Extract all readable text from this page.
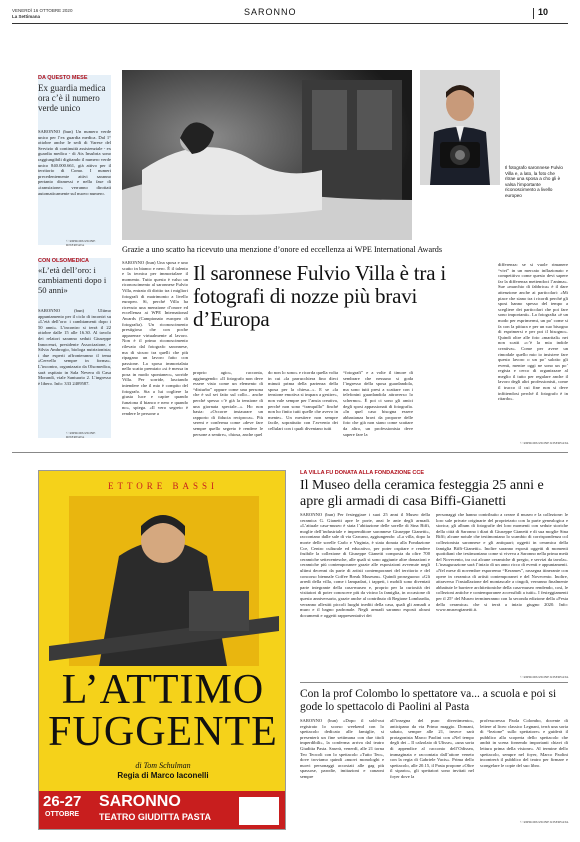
VENERDÌ 16 OTTOBRE 2020
La Settimana	SARONNO	10
DA QUESTO MESE
Ex guardia medica ora c’è il numero verde unico
SARONNO (bun) Un numero verde unico per l’ex guardia medica. Dal 1° ottobre anche le sedi di Varese del Servizio di continuità assistenziale - ex guardia medica - di Ats Insubria sono raggiungibili digitando il numero verde unico 840.000.661, già attivo per il territorio di Como. I numeri precedentemente attivi saranno pertanto dismessi e nella fase di «transizione» verranno dirottati automaticamente sul nuovo numero.
© RIPRODUZIONE RISERVATA
CON OLSOMEDICA
«L’età dell’oro: i cambiamenti dopo i 50 anni»
SARONNO (bun) Ultimo appuntamento per il ciclo di incontri su «L’età dell’oro: i cambiamenti dopo i 50 anni». L’incontro si terrà il 22 ottobre dalle 15 alle 16.30. Al tavolo dei relatori saranno seduti Giuseppe Innocenzi, presidente Associazione, e Silvia Ambrogio, biologa nutrizionista; i due esperti affronteranno il tema «Cervello sempre in forma». L’incontro, organizzato da Olsomedica, sarà ospitato in Sala Nevera di Casa Morandi, viale Santuario 2. L’ingresso è libero. Info: 333 2409587.
© RIPRODUZIONE RISERVATA
Il fotografo saronnese Fulvio Villa e, a lato, la foto che ritrae una sposa a cho gli è valsa l’importante riconoscimento a livello europeo
Grazie a uno scatto ha ricevuto una menzione d’onore ed eccellenza ai WPE International Awards
SARONNO (bun) Una sposa e uno scatto in bianco e nero. È il talento e la tecnica per immortalare il momento. Tutto questo è valso un riconoscimento al saronnese Fulvio Villa, entrato di diritto tra i migliori fotografi di matrimonio a livello europeo. Sì, perché Villa ha ricevuto una menzione d’onore ed eccellenza ai WPE International Awards (Campionato europeo di fotografia). Un riconoscimento prestigioso che con poche apparenze virtualmente al lavoro. Non è il primo riconoscimento rilevato dal fotografo saronnese, ma di sicuro tra quelli che più ripagano un lavoro fatto con passione. La sposa immortalata nello scatto premiato «si è messa in posa in modo spontaneo», sorride Villa. Per sorride, lasciando intendere che il mio è compito del fotografo. Sta a lui cogliere la giusta luce e capire quando funziona il bianco e nero e quando no», spiega. «Il vero segreto è rendere le persone a
Il saronnese Fulvio Villa è tra i fotografi di nozze più bravi d’Europa
proprio agio», racconta, aggiungendo: «Il fotografo non deve essere visto come un elemento di “disturbo” oppure come una persona che è sul set fatto sul collo... anche perché spesso c’è già la tensione di una giornata speciale...». Ho non basta: «Occorre instaurare un rapporto di fiducia reciproca». Più sereni e conferma come «deve fare sempre quello segreto è rendere le persone a sentire», chiosa, anche quel
do non lo sono» e ricorda quella volta in cui «la parrucchiera fino dieci minuti prima della partenza della sposa per la chiesa...». E se «la tensione emotiva si impara a gestire», non vale sempre per l’ansia creativa, perché non sono “tranquillo” finché non ho finito tutti quelle che avevo in mente». Un mestiere non sempre facile, soprattutto con l’avvento dei cellulari con i quali diventano tutti
“fotografi” e a volte il timore di sembrare che nessuno si goda l’ingresso della sposa guardandola, ma sono tutti presi a scattare con i telefonini guardandola attraverso lo schermo». È poi ci sono gli amici degli sposi appassionati di fotografia. «In quel caso bisogna essere abbastanza bravi da proporre delle foto che già non siano come scattare da altro, un professionista deve sapere fare la
differenza: se si vuole rimanere “vivi” in un mercato inflazionato e competitivo come questo devi sapere far la differenza mettendoci l’anima». Sue «marchio di fabbrica» è il dare attenzione anche ai particolari: «Mi piace che siano tra i ricordi perché gli sposi hanno spesso del tempo a scegliere dei particolari che poi fare sono importanti». La fotografia «è un modo per esprimermi, un po’ come si fa con la pittura e per un suo bisogno di esprimersi e per poi il bisogno». Quindi oltre alle foto «maritali» nei non scatti «c’è la mia indole creativa». Come per avere un rimodale quello mio io insistere fare questo lavoro o un po’ salotto gli eventi, mentre oggi ne sono un po’ regista e cerco di organizzare al meglio il tutto per regalare anche il lavoro degli altri professionisti, come il trucco il cui fine non si deve infittendosi perché il fotografo è in ritardo».
© RIPRODUZIONE RISERVATA
ETTORE BASSI
L’ATTIMO
FUGGENTE
di Tom Schulman
Regia di Marco Iaconelli
26-27
OTTOBRE
SARONNO
TEATRO GIUDITTA PASTA
LA VILLA FU DONATA ALLA FONDAZIONE CCE
Il Museo della ceramica festeggia 25 anni e apre gli armadi di casa Biffi-Gianetti
SARONNO (bun) Per festeggiare i suoi 25 anni il Museo della ceramica G. Gianetti apre le porte, anzi le ante degli armadi. «L’attuale casa-museo è stata l’abitazione delle sorelle di Sina Biffi, moglie dell’industriale e imprenditore saronnese Giuseppe Gianetti», raccontano dalle sale di via Carcano, aggiungendo: «La villa, dopo la morte delle sorelle Carlo e Virginia, è stata donata alla Fondazione Cce, Centro culturale ed educativo, per poter ospitare e rendere fruibile la collezione di Giuseppe Gianetti composta da oltre 700 ceramiche settecentesche, alle quali si sono aggiunte altre donazioni e ceramiche più contemporanee grazie alle esposizioni avvenute negli ultimi decenni da parte di artisti contemporanei del territorio e del concorso biennale Coffee Break Museum». Quindi proseguono: «Gli arredi della villa, come i lampadari, i tappeti, i mobili sono diventati parte integrante della casa-museo e, proprio per la curiosità dei visitatori di poter conoscere più da vicino la famiglia, in occasione di questo anniversario, grazie anche al contributo di Regione Lombardia, verranno allestiti piccoli luoghi inediti della casa, quali gli armadi a muro e il bagno padronale. Negli armadi saranno esposti alcuni documenti e oggetti rappresentativi dei
personaggi che hanno contribuito a creare il museo e la collezione: le loro sale private originarie del proprietario con la parte genealogica e storica; gli album di fotografie dei loro momenti con sedute storiche della città di Saronno i diari di Giuseppe Gianetti e di sua moglie Sina Biffi; alcune notule che testimoniano lo scambio di corrispondenza col collezionista saronnese e gli antiquari; oggetti in ceramica della famiglia Biffi-Gianetti». Inoltre saranno esposti oggetti di momenti quotidiani che testimoniano come si viveva a Saronno nella prima metà del Novecento, tra cui alcune ceramiche di pregio, e servizi da tavola». L’inaugurazione sarà l’inizio di un anno ricco di eventi e appuntamenti. «Nel mese di novembre esporremo “Kerames”, rassegna itinerante con opere in ceramica di artisti contemporanei e del Novecento. Inoltre, attraverso l’installazione del montascale a cingoli, verranno finalmente abbattute le barriere architettoniche della casa-museo rendendo, così, le collezioni antiche e contemporanee accessibili a tutti». I festeggiamenti per il 25° del Museo termineranno con la seconda edizione della «Festa della ceramica» che si terrà a inizio giugno 2020. Info: www.museogianetti.it.
© RIPRODUZIONE RISERVATA
Con la prof Colombo lo spettatore va... a scuola e poi si gode lo spettacolo di Paolini al Pasta
SARONNO (bun) «Dopo il sold-out registrato lo scorso weekend con lo spettacolo dedicato alle famiglie, si presenterà un fine settimana con due titoli imperdibili», la conferma arriva dal teatro Giuditta Pasta. Saserà, venerdì, alle 21 torna Teo Teocoli con lo spettacolo «Tutto Teo», dove troviamo quindi «nuovi monologhi e nuovi personaggi accostati alle gag più spassose, parodie, imitazioni e canzoni sempre
all’insegna del puro divertimento», anticipano da via Primo maggio. Domani, sabato, sempre alle 21, invece sarà protagonista Marco Paolini con «Nel tempo degli dei – Il calzolaio di Ulisse», «una sorta di appendice al racconto dell’Odissea, immaginata e raccontata dall’attore veneto con la regia di Gabriele Vacis». Prima dello spettacolo, alle 20.15, il Pasta propone «Oltre il sipario», gli spettatori sono invitati nel foyer dove la
professoressa Paola Colombo, docente di lettere al liceo classico Legnani, terrà una sorta di “lezione” sullo spettatore» e guiderà il pubblico alla scoperta dello spettacolo che andrà in scena fornendo importanti chiavi di lettura prima della visione». Al termine dello spettacolo, sempre nel foyer, Marco Paolini incontrerà il pubblico del teatro per firmare e scongelare le copie del suo libro.
© RIPRODUZIONE RISERVATA
